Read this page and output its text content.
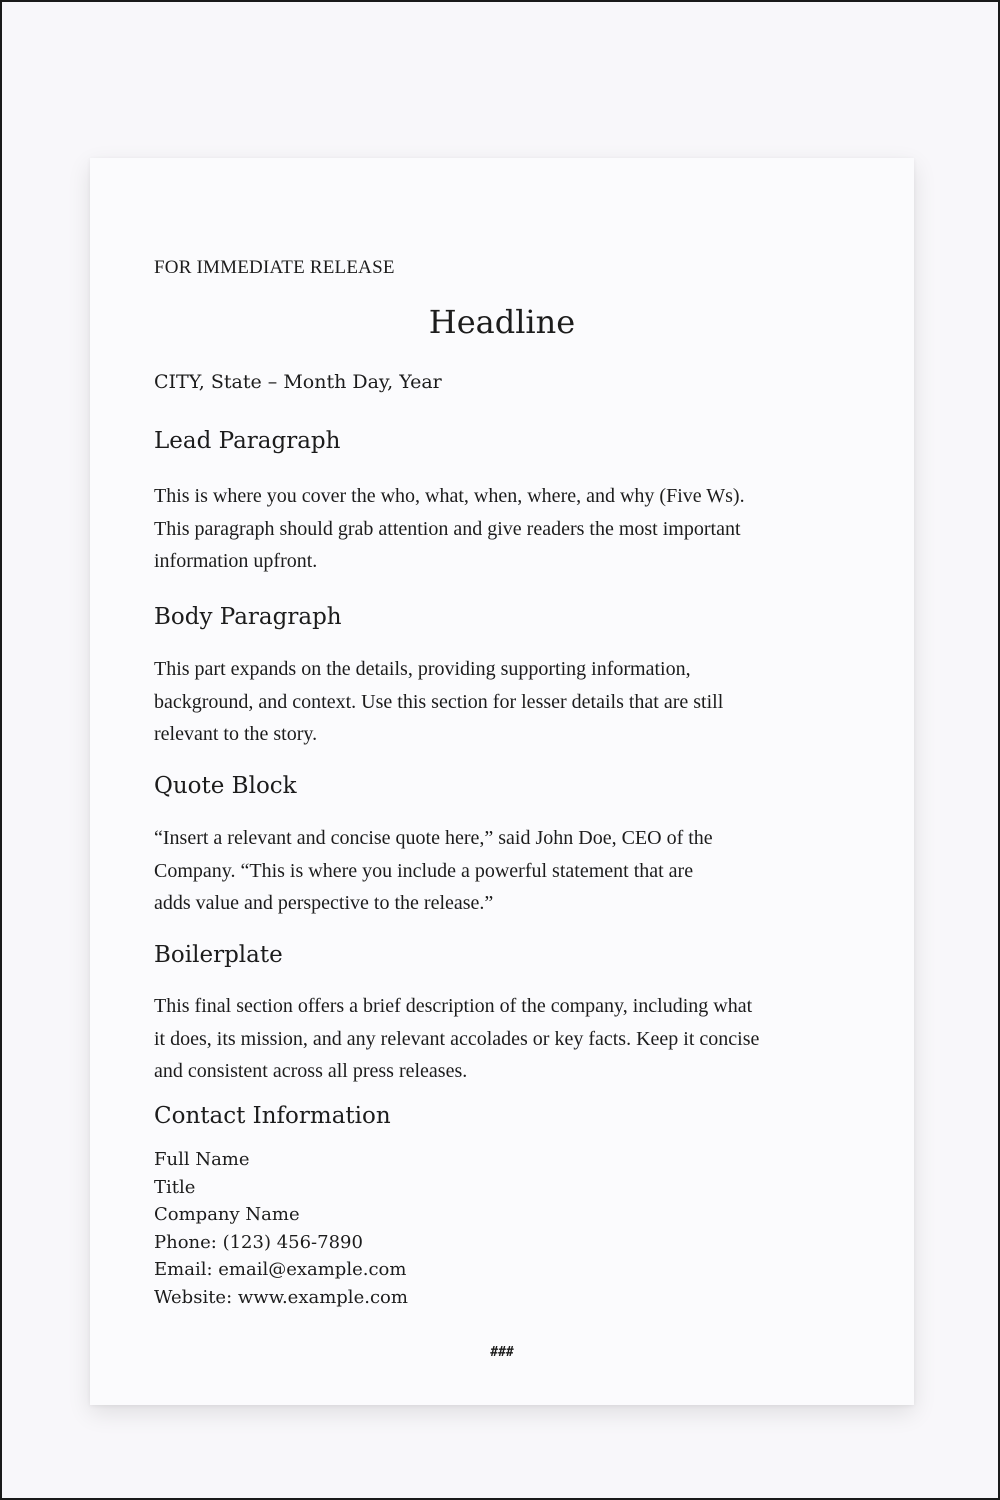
FOR IMMEDIATE RELEASE
Headline
CITY, State – Month Day, Year
Lead Paragraph
This is where you cover the who, what, when, where, and why (Five Ws).
This paragraph should grab attention and give readers the most important
information upfront.
Body Paragraph
This part expands on the details, providing supporting information,
background, and context. Use this section for lesser details that are still
relevant to the story.
Quote Block
“Insert a relevant and concise quote here,” said John Doe, CEO of the
Company. “This is where you include a powerful statement that are
adds value and perspective to the release.”
Boilerplate
This final section offers a brief description of the company, including what
it does, its mission, and any relevant accolades or key facts. Keep it concise
and consistent across all press releases.
Contact Information
Full Name
Title
Company Name
Phone: (123) 456-7890
Email: email@example.com
Website: www.example.com
###
